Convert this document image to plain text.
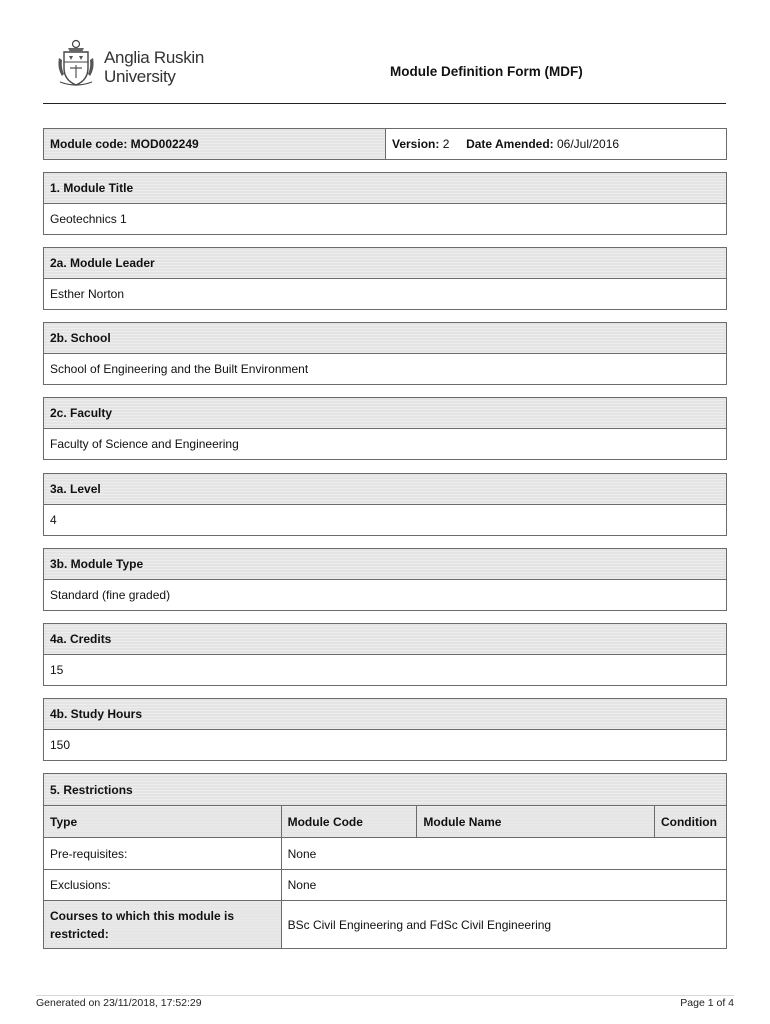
Anglia Ruskin
University	Module Definition Form (MDF)
Module code: MOD002249	Version: 2 Date Amended: 06/Jul/2016
1. Module Title
Geotechnics 1
2a. Module Leader
Esther Norton
2b. School
School of Engineering and the Built Environment
2c. Faculty
Faculty of Science and Engineering
3a. Level
4
3b. Module Type
Standard (fine graded)
4a. Credits
15
4b. Study Hours
150
5. Restrictions
Type	Module Code	Module Name	Condition
Pre-requisites:	None		
Exclusions:	None		
Courses to which this module is restricted:	BSc Civil Engineering and FdSc Civil Engineering		
Generated on 23/11/2018, 17:52:29	Page 1 of 4
